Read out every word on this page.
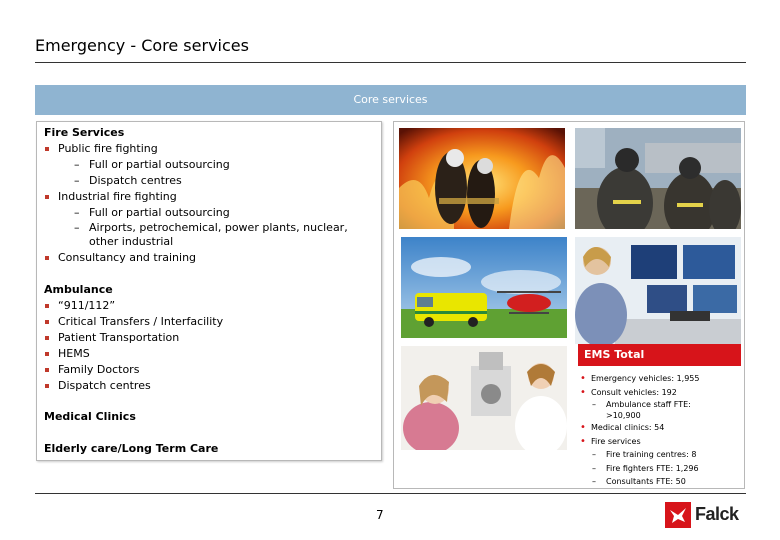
Emergency - Core services
Core services
Fire Services
Public fire fighting
– Full or partial outsourcing
– Dispatch centres
Industrial fire fighting
– Full or partial outsourcing
– Airports, petrochemical, power plants, nuclear,
other industrial
Consultancy and training
Ambulance
“911/112”
Critical Transfers / Interfacility
Patient Transportation
HEMS
Family Doctors
Dispatch centres
Medical Clinics
Elderly care/Long Term Care
EMS Total
• Emergency vehicles: 1,955
• Consult vehicles: 192
– Ambulance staff FTE:
>10,900
• Medical clinics: 54
• Fire services
– Fire training centres: 8
– Fire fighters FTE: 1,296
– Consultants FTE: 50
7	Falck
